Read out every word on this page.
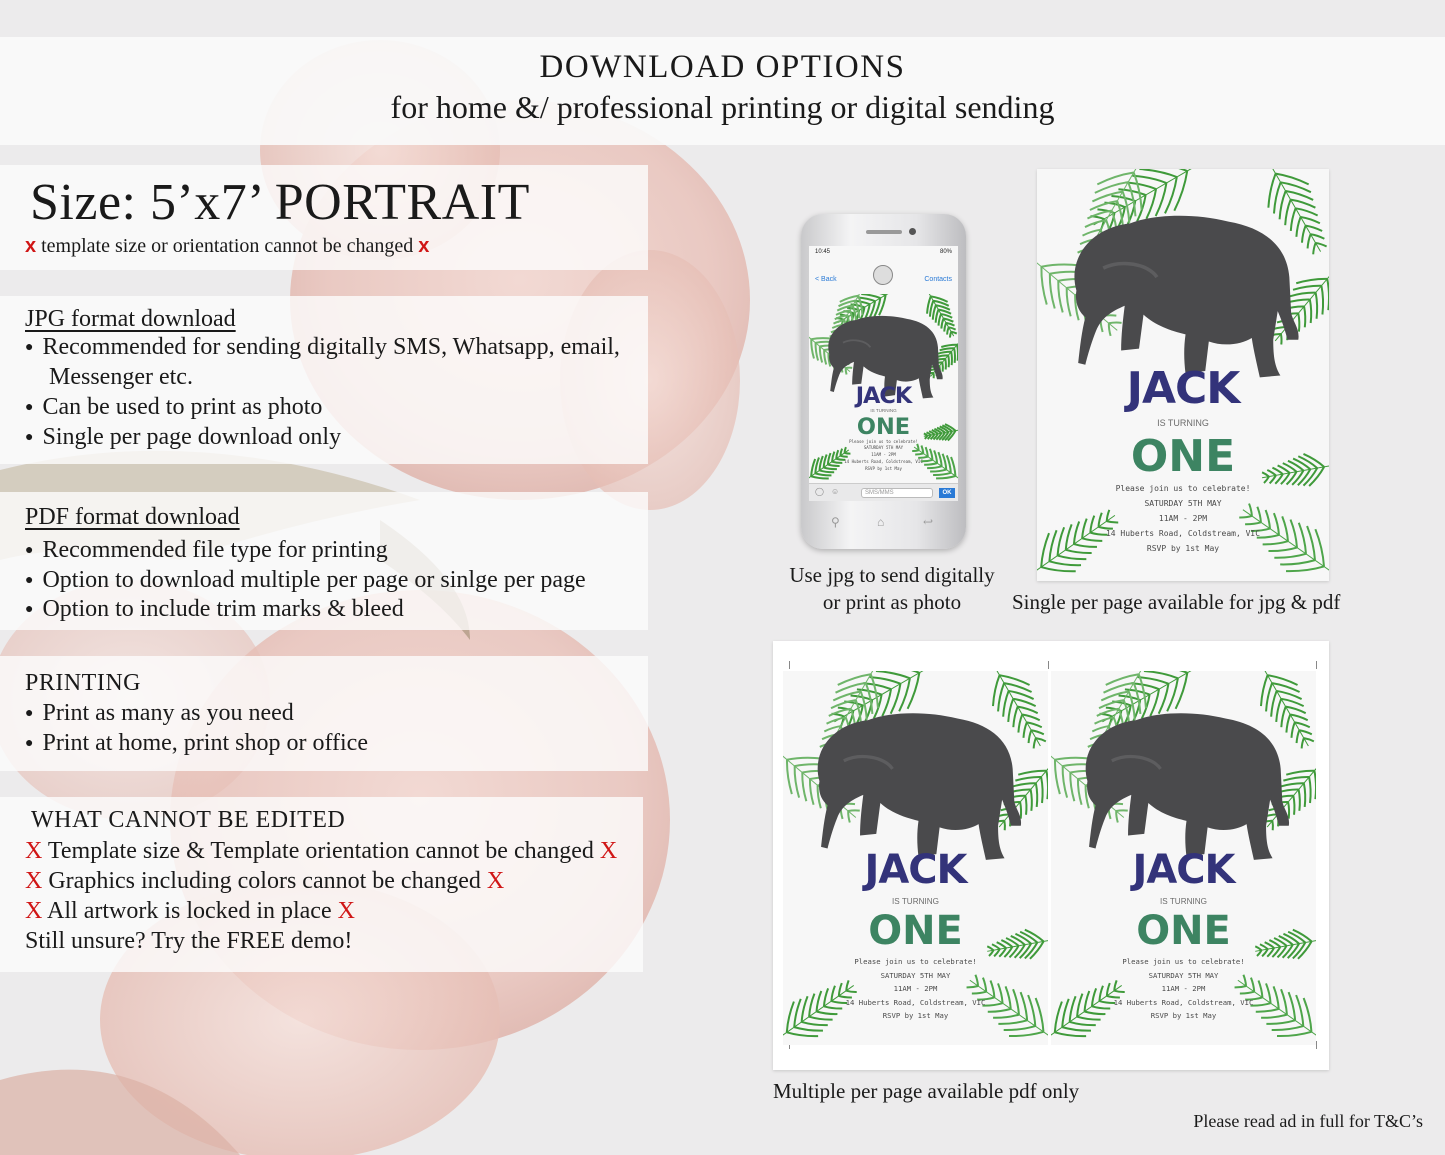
DOWNLOAD OPTIONS
for home &/ professional printing or digital sending
Size: 5’x7’ PORTRAIT
x template size or orientation cannot be changed x
JPG format download
● Recommended for sending digitally SMS, Whatsapp, email,
Messenger etc.
● Can be used to print as photo
● Single per page download only
PDF format download
● Recommended file type for printing
● Option to download multiple per page or sinlge per page
● Option to include trim marks & bleed
PRINTING
● Print as many as you need
● Print at home, print shop or office
WHAT CANNOT BE EDITED
X Template size & Template orientation cannot be changed X
X Graphics including colors cannot be changed X
X All artwork is locked in place X
Still unsure? Try the FREE demo!
10:45	80%
< Back	Contacts
JACK
IS TURNING
ONE
Please join us to celebrate!
SATURDAY 5TH MAY
11AM - 2PM
14 Huberts Road, Coldstream, VIC
RSVP by 1st May
◯ ☺	SMS/MMS	OK
⚲	⌂	↩
Use jpg to send digitally
or print as photo
JACK
IS TURNING
ONE
Please join us to celebrate!
SATURDAY 5TH MAY
11AM - 2PM
14 Huberts Road, Coldstream, VIC
RSVP by 1st May
Single per page available for jpg & pdf
JACK
IS TURNING
ONE
Please join us to celebrate!
SATURDAY 5TH MAY
11AM - 2PM
14 Huberts Road, Coldstream, VIC
RSVP by 1st May
JACK
IS TURNING
ONE
Please join us to celebrate!
SATURDAY 5TH MAY
11AM - 2PM
14 Huberts Road, Coldstream, VIC
RSVP by 1st May
Multiple per page available pdf only
Please read ad in full for T&C’s
